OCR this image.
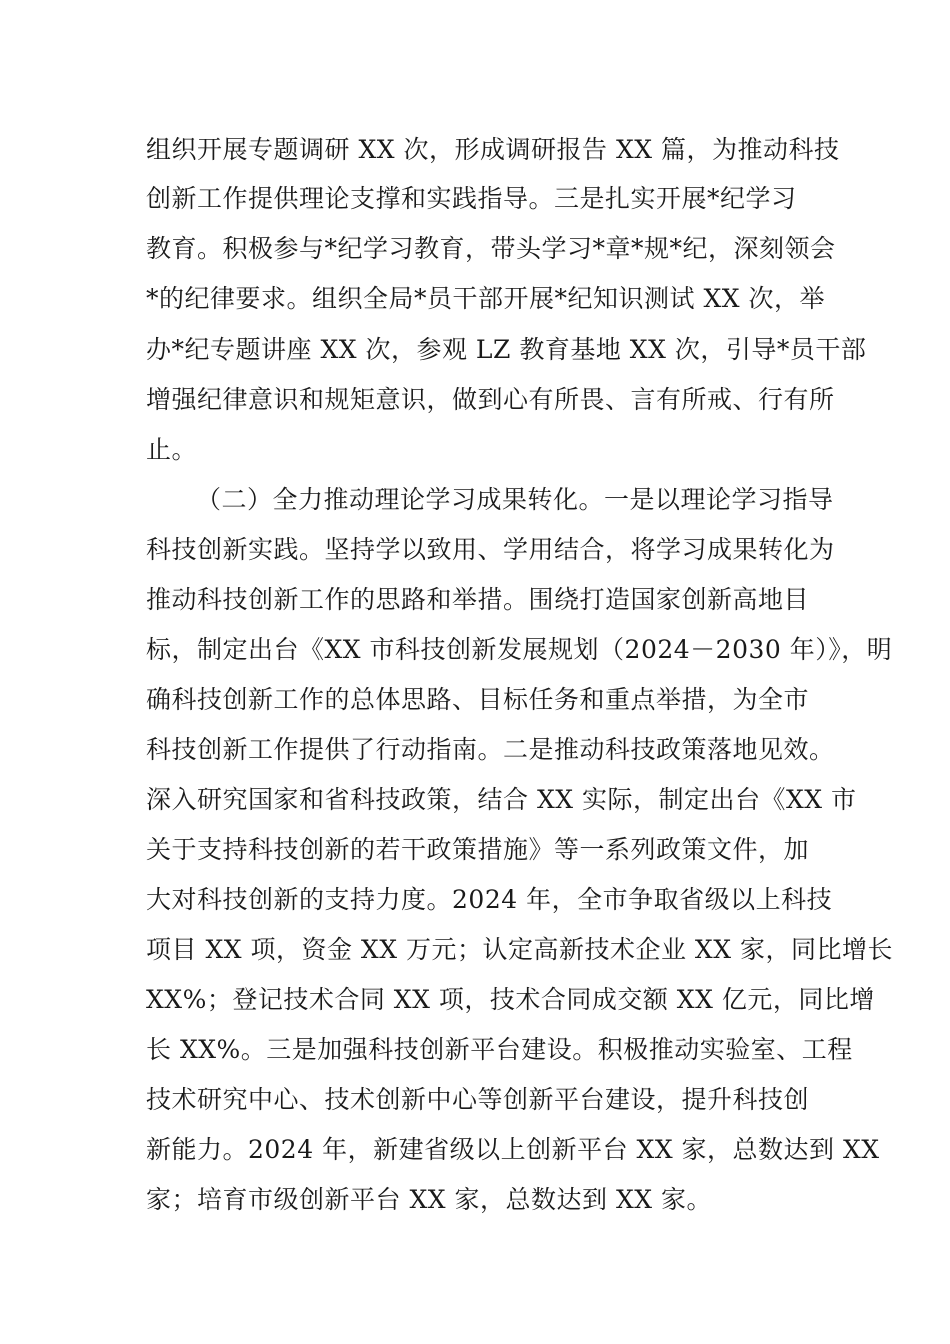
组织开展专题调研 XX 次，形成调研报告 XX 篇，为推动科技
创新工作提供理论支撑和实践指导。三是扎实开展*纪学习
教育。积极参与*纪学习教育，带头学习*章*规*纪，深刻领会
*的纪律要求。组织全局*员干部开展*纪知识测试 XX 次，举
办*纪专题讲座 XX 次，参观 LZ 教育基地 XX 次，引导*员干部
增强纪律意识和规矩意识，做到心有所畏、言有所戒、行有所
止。
（二）全力推动理论学习成果转化。一是以理论学习指导
科技创新实践。坚持学以致用、学用结合，将学习成果转化为
推动科技创新工作的思路和举措。围绕打造国家创新高地目
标，制定出台《XX 市科技创新发展规划（2024－2030 年）》，明
确科技创新工作的总体思路、目标任务和重点举措，为全市
科技创新工作提供了行动指南。二是推动科技政策落地见效。
深入研究国家和省科技政策，结合 XX 实际，制定出台《XX 市
关于支持科技创新的若干政策措施》等一系列政策文件，加
大对科技创新的支持力度。2024 年，全市争取省级以上科技
项目 XX 项，资金 XX 万元；认定高新技术企业 XX 家，同比增长
XX%；登记技术合同 XX 项，技术合同成交额 XX 亿元，同比增
长 XX%。三是加强科技创新平台建设。积极推动实验室、工程
技术研究中心、技术创新中心等创新平台建设，提升科技创
新能力。2024 年，新建省级以上创新平台 XX 家，总数达到 XX
家；培育市级创新平台 XX 家，总数达到 XX 家。
